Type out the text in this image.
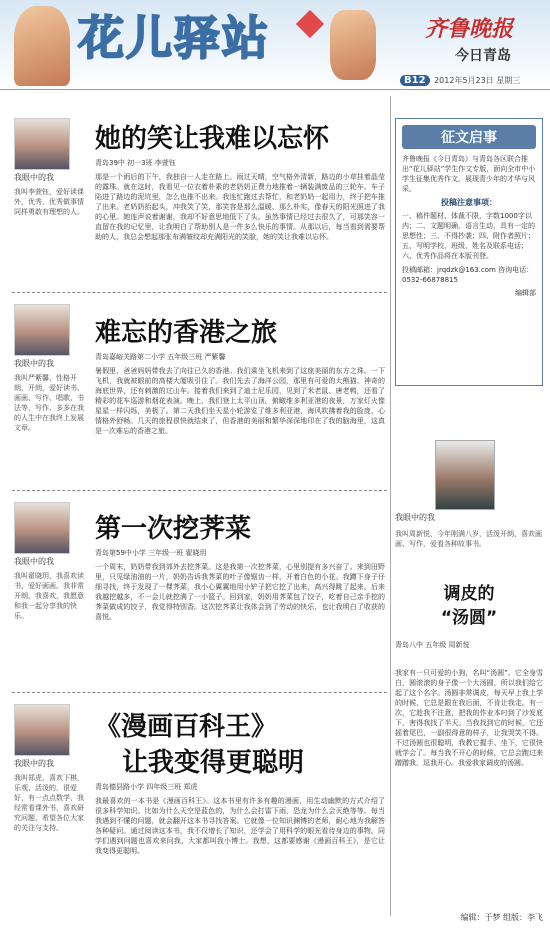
花儿驿站	齐鲁晚报
今日青岛
B12 2012年5月23日 星期三
我眼中的我
我叫李萱钰，爱好读课外，优秀，优秀做事情同样勇敢有理想的人。
她的笑让我难以忘怀
青岛39中 初一3班 李萱钰
那是一个雨后的下午，我独自一人走在路上。雨过天晴，空气格外清新，路边的小草挂着晶莹的露珠。就在这时，我看见一位衣着朴素的老奶奶正费力地推着一辆装满废品的三轮车。车子陷进了路边的泥坑里，怎么也推不出来。我连忙跑过去帮忙，和老奶奶一起用力，终于把车推了出来。老奶奶抬起头，冲我笑了笑，那笑容是那么温暖、那么朴实，像春天的阳光照进了我的心里。她连声说着谢谢，我却不好意思地低下了头。虽然事情已经过去很久了，可那笑容一直留在我的记忆里，让我明白了帮助别人是一件多么快乐的事情。从那以后，每当看到需要帮助的人，我总会想起那张布满皱纹却充满阳光的笑脸，她的笑让我难以忘怀。
我眼中的我
我叫严紫馨，性格开朗，开朗，爱好读书、画画、写作、唱歌、书法等，写作、多多在我的人生中在我终上发展文章。
难忘的香港之旅
青岛嘉峪关路第二小学 五年级三班 严紫馨
暑假里，爸爸妈妈带我去了向往已久的香港。我们乘坐飞机来到了这座美丽的东方之珠。一下飞机，我就被眼前的高楼大厦吸引住了。我们先去了海洋公园，那里有可爱的大熊猫、神奇的海底世界，还有刺激的过山车。接着我们来到了迪士尼乐园，见到了米老鼠、唐老鸭，还看了精彩的花车巡游和烟花表演。晚上，我们登上太平山顶，俯瞰维多利亚港的夜景，万家灯火像星星一样闪烁，美极了。第二天我们坐天星小轮游览了维多利亚港，海风吹拂着我的脸庞，心情格外舒畅。几天的旅程很快就结束了，但香港的美丽和繁华深深地印在了我的脑海里，这真是一次难忘的香港之旅。
我眼中的我
我叫翟晓玥，我喜欢读书，爱好画画。我非常开朗，我喜欢，我愿意和我一起分享我的快乐。
第一次挖荠菜
青岛第59中小学 三年级一班 翟晓玥
一个周末，奶奶带我到郊外去挖荠菜。这是我第一次挖荠菜，心里别提有多兴奋了。来到田野里，只见绿油油的一片，奶奶告诉我荠菜的叶子像锯齿一样，开着白色的小花。我蹲下身子仔细寻找，终于发现了一棵荠菜，我小心翼翼地用小铲子把它挖了出来，高兴得跳了起来。后来我越挖越多，不一会儿就挖满了一小篮子。回到家，奶奶用荠菜包了饺子，吃着自己亲手挖的荠菜做成的饺子，我觉得特别香。这次挖荠菜让我体会到了劳动的快乐，也让我明白了收获的喜悦。
我眼中的我
我叫郑虎，喜欢下棋，乐观、活泼的，很爱好，有一点点数学，我经常看课外书，喜欢研究问题，希望各位大家的关注与支持。
《漫画百科王》
让我变得更聪明
青岛德县路小学 四年级三班 郑虎
我最喜欢的一本书是《漫画百科王》。这本书里有许多有趣的漫画，用生动幽默的方式介绍了很多科学知识。比如为什么天空是蓝色的，为什么会打雷下雨，恐龙为什么会灭绝等等。每当我遇到不懂的问题，就会翻开这本书寻找答案。它就像一位知识渊博的老师，耐心地为我解答各种疑问。通过阅读这本书，我不仅增长了知识，还学会了用科学的眼光看待身边的事物。同学们遇到问题也喜欢来问我，大家都叫我小博士。我想，这都要感谢《漫画百科王》，是它让我变得更聪明。
征文启事
齐鲁晚报《今日青岛》与青岛各区联合推出“花儿驿站”学生作文专版，面向全市中小学生征集优秀作文，展现青少年的才华与风采。
投稿注意事项：
一、稿件题材、体裁不限，字数1000字以内；二、文题明确，语言生动，具有一定的思想性；三、不得抄袭；四、附作者照片；五、写明学校、班级、姓名及联系电话；六、优秀作品将在本版刊登。
投稿邮箱：jrqdzk@163.com 咨询电话：0532-66878815
编辑部
我眼中的我
我叫周新悦，今年刚满八岁，活泼开朗，喜欢画画、写作，爱看各种故事书。
调皮的
“汤圆”
青岛八中 五年级 周新悦
我家有一只可爱的小狗，名叫“汤圆”。它全身雪白，圆滚滚的身子像一个大汤圆，所以我们给它起了这个名字。汤圆非常调皮，每天早上我上学的时候，它总是跟在我后面，不肯让我走。有一次，它趁我不注意，把我的作业本叼到了沙发底下，害得我找了半天。当我找到它的时候，它还摇着尾巴，一副很得意的样子，让我哭笑不得。不过汤圆也很聪明，我教它握手、坐下，它很快就学会了。每当我不开心的时候，它总会跑过来蹭蹭我，逗我开心。我爱我家调皮的汤圆。
编辑：于梦 组版：李飞
